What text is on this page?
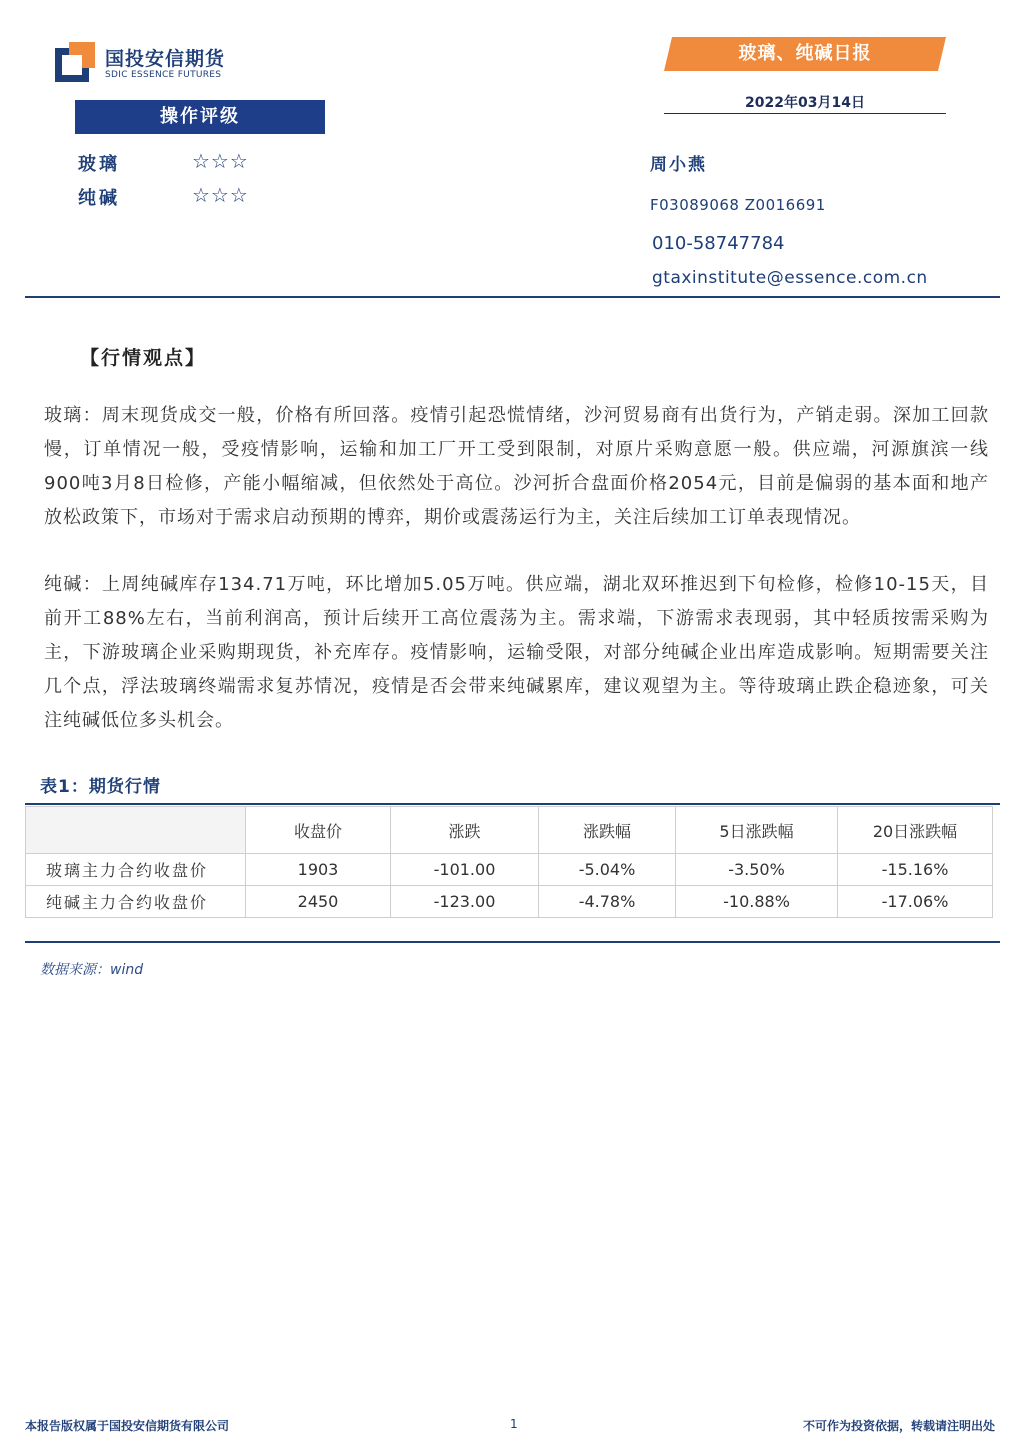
国投安信期货
SDIC ESSENCE FUTURES
玻璃、纯碱日报
2022年03月14日
操作评级
玻璃	☆☆☆
纯碱	☆☆☆
周小燕
F03089068 Z0016691
010-58747784
gtaxinstitute@essence.com.cn
【行情观点】
玻璃：周末现货成交一般，价格有所回落。疫情引起恐慌情绪，沙河贸易商有出货行为，产销走弱。深加工回款慢，订单情况一般，受疫情影响，运输和加工厂开工受到限制，对原片采购意愿一般。供应端，河源旗滨一线900吨3月8日检修，产能小幅缩减，但依然处于高位。沙河折合盘面价格2054元，目前是偏弱的基本面和地产放松政策下，市场对于需求启动预期的博弈，期价或震荡运行为主，关注后续加工订单表现情况。
纯碱：上周纯碱库存134.71万吨，环比增加5.05万吨。供应端，湖北双环推迟到下旬检修，检修10-15天，目前开工88%左右，当前利润高，预计后续开工高位震荡为主。需求端，下游需求表现弱，其中轻质按需采购为主，下游玻璃企业采购期现货，补充库存。疫情影响，运输受限，对部分纯碱企业出库造成影响。短期需要关注几个点，浮法玻璃终端需求复苏情况，疫情是否会带来纯碱累库，建议观望为主。等待玻璃止跌企稳迹象，可关注纯碱低位多头机会。
表1：期货行情
	收盘价	涨跌	涨跌幅	5日涨跌幅	20日涨跌幅
玻璃主力合约收盘价	1903	-101.00	-5.04%	-3.50%	-15.16%
纯碱主力合约收盘价	2450	-123.00	-4.78%	-10.88%	-17.06%
数据来源：wind
本报告版权属于国投安信期货有限公司	1	不可作为投资依据，转载请注明出处
